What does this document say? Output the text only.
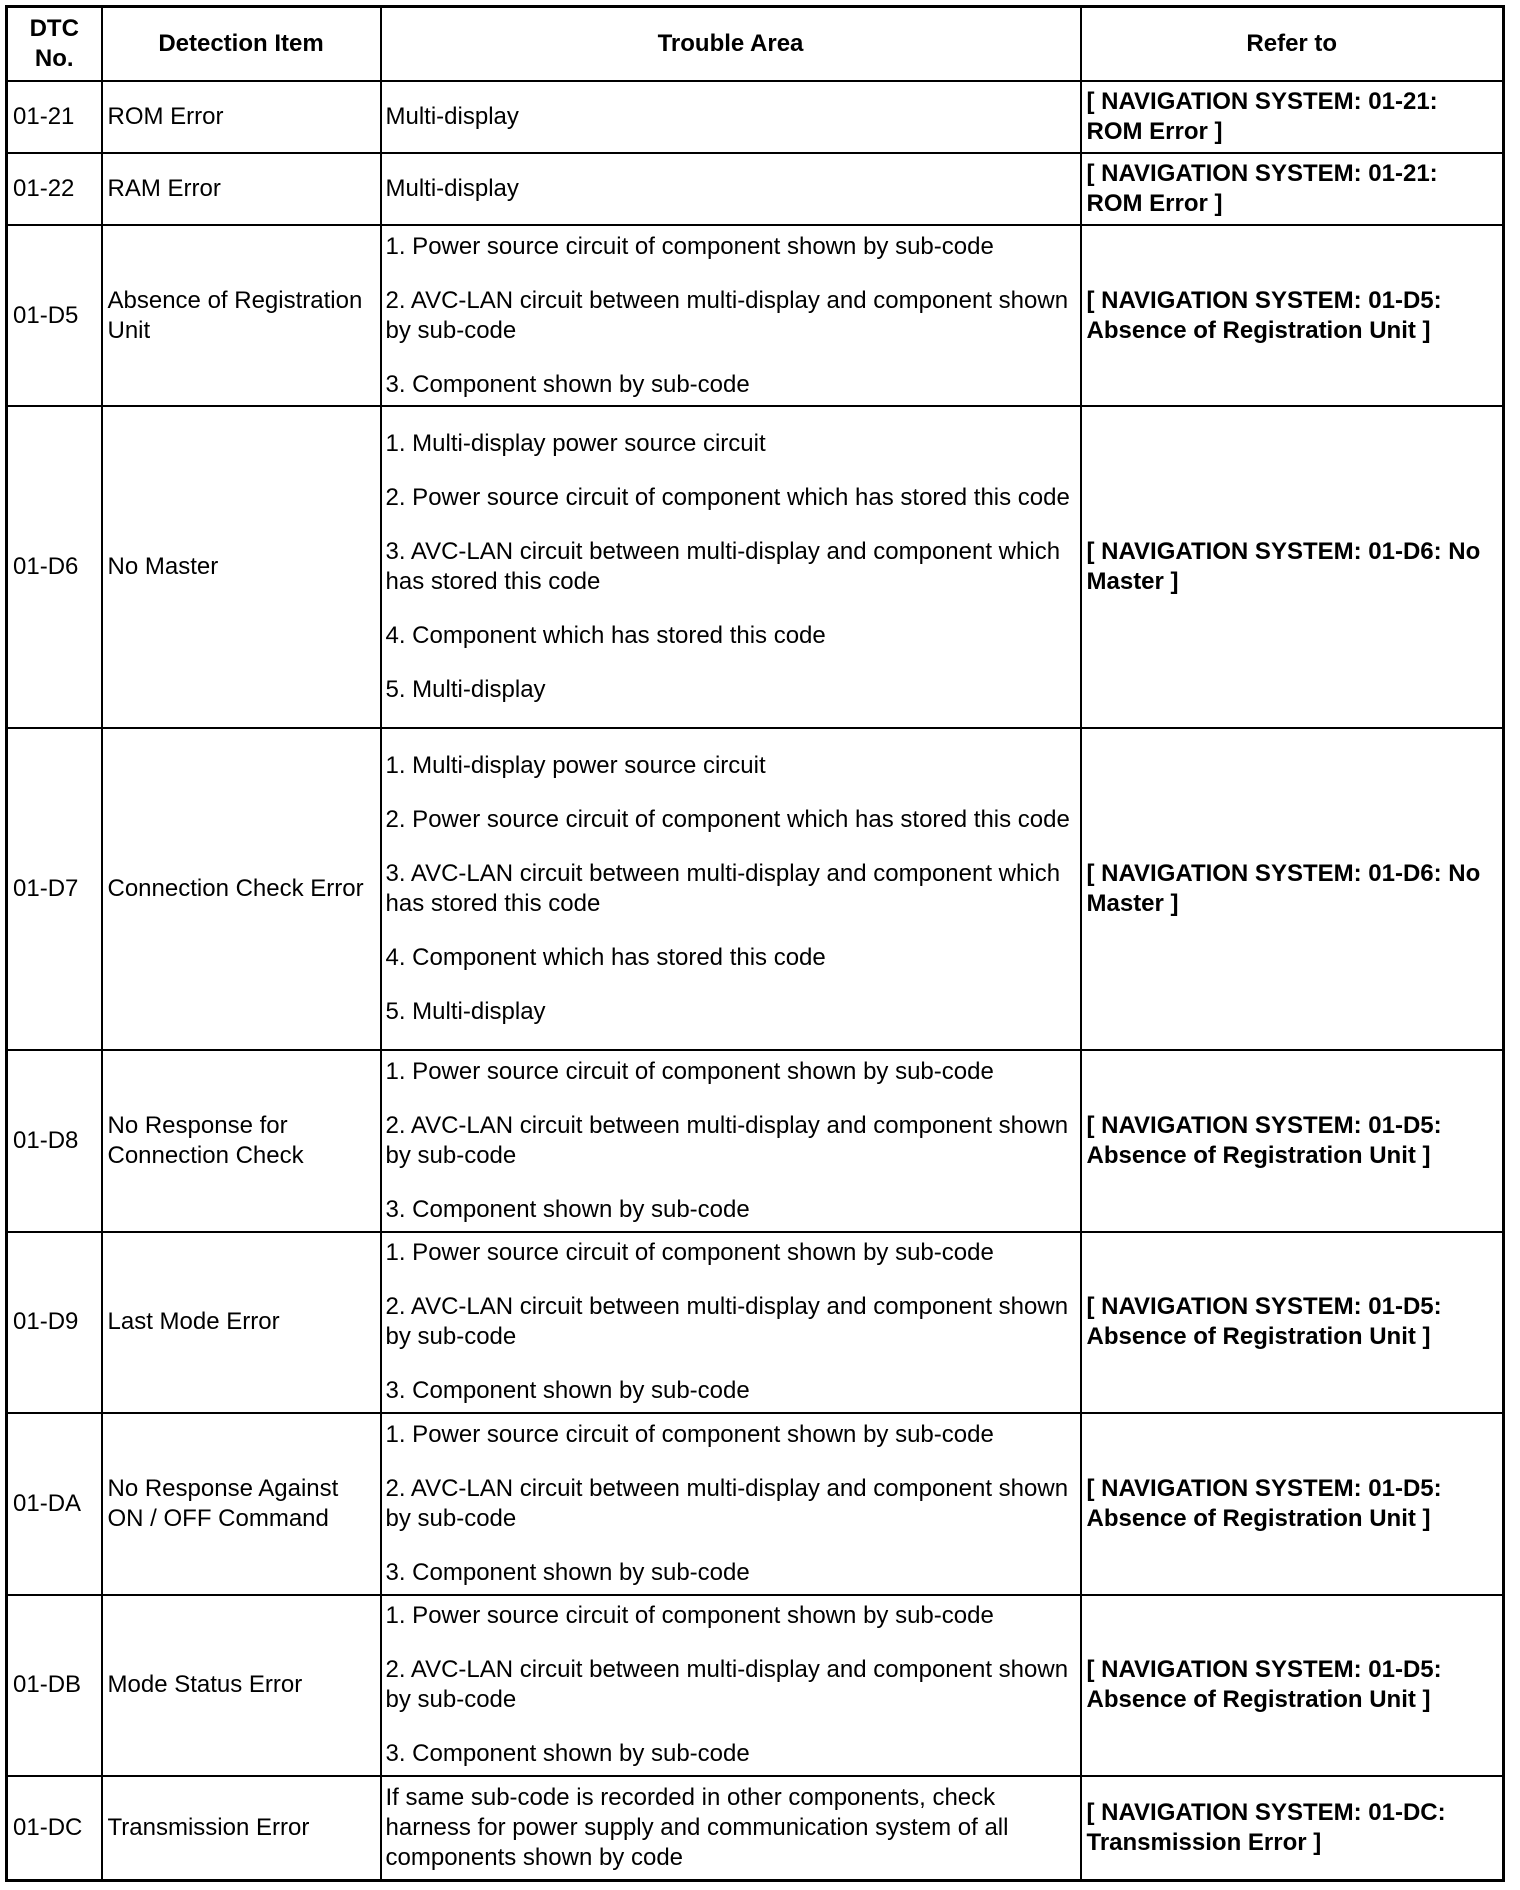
DTC No.	Detection Item	Trouble Area	Refer to
01-21	ROM Error	Multi-display	[ NAVIGATION SYSTEM: 01-21: ROM Error ]
01-22	RAM Error	Multi-display	[ NAVIGATION SYSTEM: 01-21: ROM Error ]
01-D5	Absence of Registration Unit	1. Power source circuit of component shown by sub-code
2. AVC-LAN circuit between multi-display and component shown by sub-code
3. Component shown by sub-code	[ NAVIGATION SYSTEM: 01-D5: Absence of Registration Unit ]
01-D6	No Master	1. Multi-display power source circuit
2. Power source circuit of component which has stored this code
3. AVC-LAN circuit between multi-display and component which has stored this code
4. Component which has stored this code
5. Multi-display	[ NAVIGATION SYSTEM: 01-D6: No Master ]
01-D7	Connection Check Error	1. Multi-display power source circuit
2. Power source circuit of component which has stored this code
3. AVC-LAN circuit between multi-display and component which has stored this code
4. Component which has stored this code
5. Multi-display	[ NAVIGATION SYSTEM: 01-D6: No Master ]
01-D8	No Response for Connection Check	1. Power source circuit of component shown by sub-code
2. AVC-LAN circuit between multi-display and component shown by sub-code
3. Component shown by sub-code	[ NAVIGATION SYSTEM: 01-D5: Absence of Registration Unit ]
01-D9	Last Mode Error	1. Power source circuit of component shown by sub-code
2. AVC-LAN circuit between multi-display and component shown by sub-code
3. Component shown by sub-code	[ NAVIGATION SYSTEM: 01-D5: Absence of Registration Unit ]
01-DA	No Response Against ON / OFF Command	1. Power source circuit of component shown by sub-code
2. AVC-LAN circuit between multi-display and component shown by sub-code
3. Component shown by sub-code	[ NAVIGATION SYSTEM: 01-D5: Absence of Registration Unit ]
01-DB	Mode Status Error	1. Power source circuit of component shown by sub-code
2. AVC-LAN circuit between multi-display and component shown by sub-code
3. Component shown by sub-code	[ NAVIGATION SYSTEM: 01-D5: Absence of Registration Unit ]
01-DC	Transmission Error	If same sub-code is recorded in other components, check harness for power supply and communication system of all components shown by code	[ NAVIGATION SYSTEM: 01-DC: Transmission Error ]
